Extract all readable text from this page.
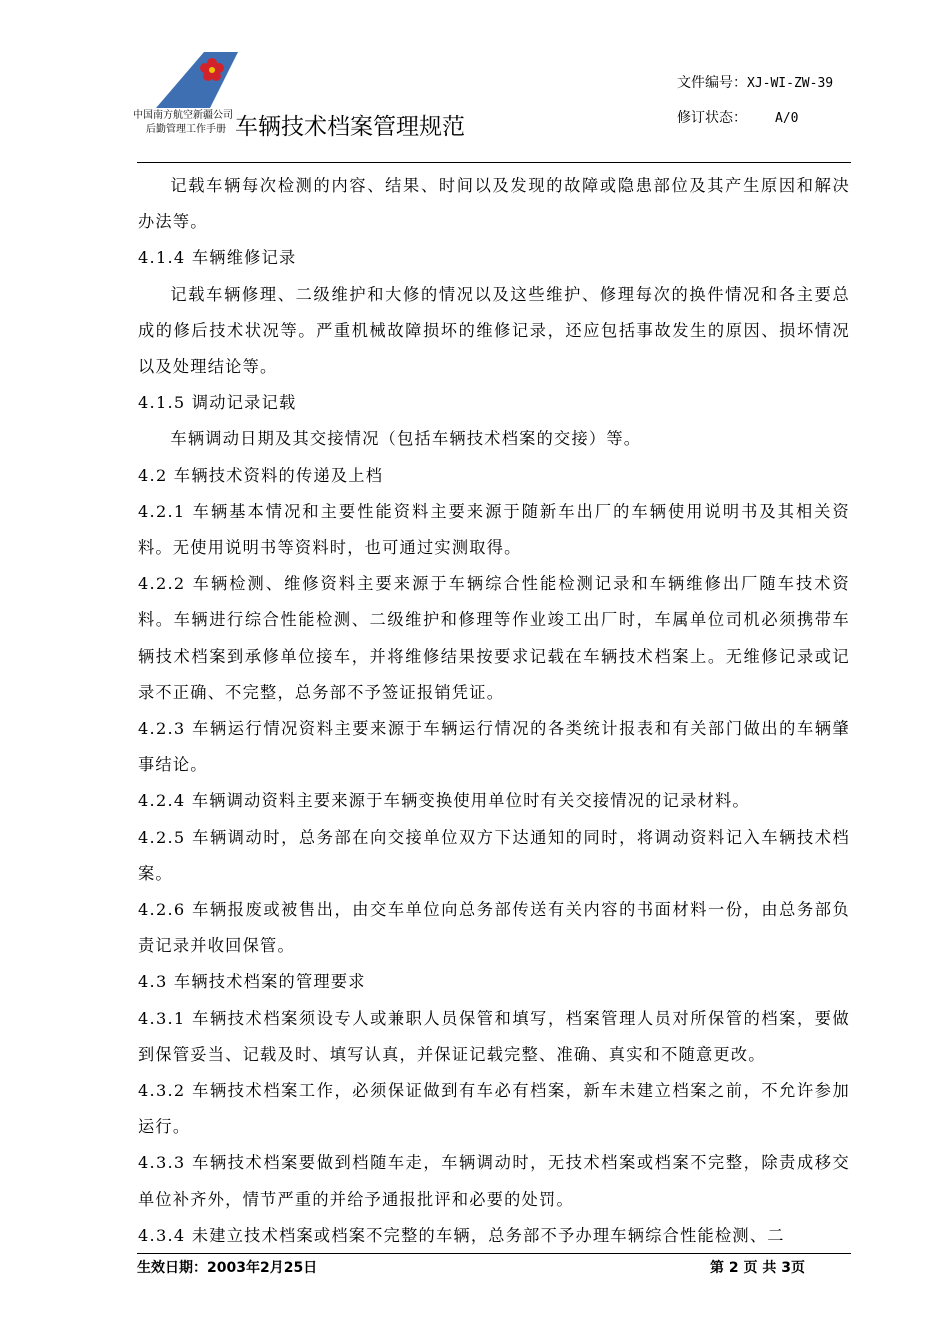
中国南方航空新疆公司
后勤管理工作手册 车辆技术档案管理规范
文件编号：XJ-WI-ZW-39
修订状态： A/0

记载车辆每次检测的内容、结果、时间以及发现的故障或隐患部位及其产生原因和解决办法等。

4.1.4 车辆维修记录

记载车辆修理、二级维护和大修的情况以及这些维护、修理每次的换件情况和各主要总成的修后技术状况等。严重机械故障损坏的维修记录，还应包括事故发生的原因、损坏情况以及处理结论等。

4.1.5 调动记录记载

车辆调动日期及其交接情况（包括车辆技术档案的交接）等。

4.2 车辆技术资料的传递及上档

4.2.1 车辆基本情况和主要性能资料主要来源于随新车出厂的车辆使用说明书及其相关资料。无使用说明书等资料时，也可通过实测取得。

4.2.2 车辆检测、维修资料主要来源于车辆综合性能检测记录和车辆维修出厂随车技术资料。车辆进行综合性能检测、二级维护和修理等作业竣工出厂时，车属单位司机必须携带车辆技术档案到承修单位接车，并将维修结果按要求记载在车辆技术档案上。无维修记录或记录不正确、不完整，总务部不予签证报销凭证。

4.2.3 车辆运行情况资料主要来源于车辆运行情况的各类统计报表和有关部门做出的车辆肇事结论。

4.2.4 车辆调动资料主要来源于车辆变换使用单位时有关交接情况的记录材料。

4.2.5 车辆调动时，总务部在向交接单位双方下达通知的同时，将调动资料记入车辆技术档案。

4.2.6 车辆报废或被售出，由交车单位向总务部传送有关内容的书面材料一份，由总务部负责记录并收回保管。

4.3 车辆技术档案的管理要求

4.3.1 车辆技术档案须设专人或兼职人员保管和填写，档案管理人员对所保管的档案，要做到保管妥当、记载及时、填写认真，并保证记载完整、准确、真实和不随意更改。

4.3.2 车辆技术档案工作，必须保证做到有车必有档案，新车未建立档案之前，不允许参加运行。

4.3.3 车辆技术档案要做到档随车走，车辆调动时，无技术档案或档案不完整，除责成移交单位补齐外，情节严重的并给予通报批评和必要的处罚。

4.3.4 未建立技术档案或档案不完整的车辆，总务部不予办理车辆综合性能检测、二

生效日期：2003年2月25日	第 2 页 共 3页
